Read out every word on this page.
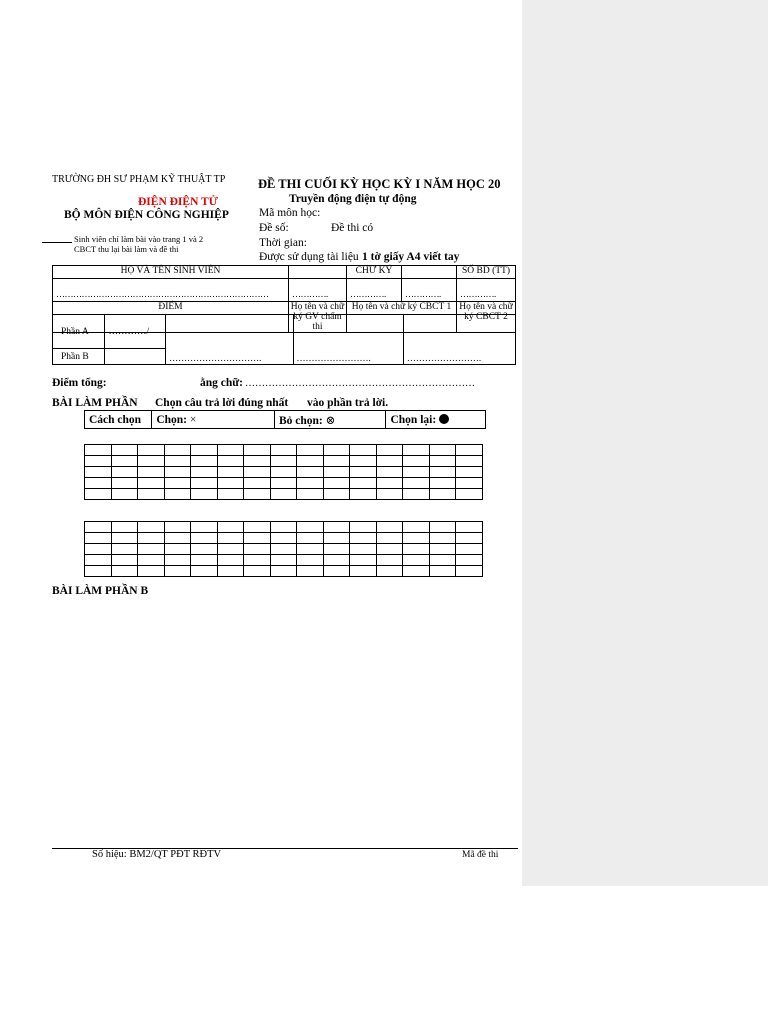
TRƯỜNG ĐH SƯ PHẠM KỸ THUẬT TP
ĐIỆN ĐIỆN TỬ
BỘ MÔN ĐIỆN CÔNG NGHIỆP
Sinh viên chỉ làm bài vào trang 1 và 2
CBCT thu lại bài làm và đề thi
ĐỀ THI CUỐI KỲ HỌC KỲ I NĂM HỌC 20
Truyền động điện tự động
Mã môn học:
Đề số:	Đề thi có
Thời gian:
Được sử dụng tài liệu 1 tờ giấy A4 viết tay
HỌ VÀ TÊN SINH VIÊN		CHỮ KÝ		SỐ BD (TT)

…………………………………………………………………	………….	………….	………….	………….

ĐIỂM	Họ tên và chữ ký GV chấm thi	Họ tên và chữ ký CBCT 1		Họ tên và chữ ký CBCT 2
Phần A	…………/	………………………….	…………………….	…………………….
Phần B				
Điểm tổng:	ằng chữ: ……………………………………………………………
BÀI LÀM PHẦN Chọn câu trả lời đúng nhất vào phần trả lời.
Cách chọn	Chọn: ×	Bỏ chọn: ⊗	Chọn lại:

BÀI LÀM PHẦN B
Số hiệu: BM2/QT PĐT RĐTV	Mã đề thi
